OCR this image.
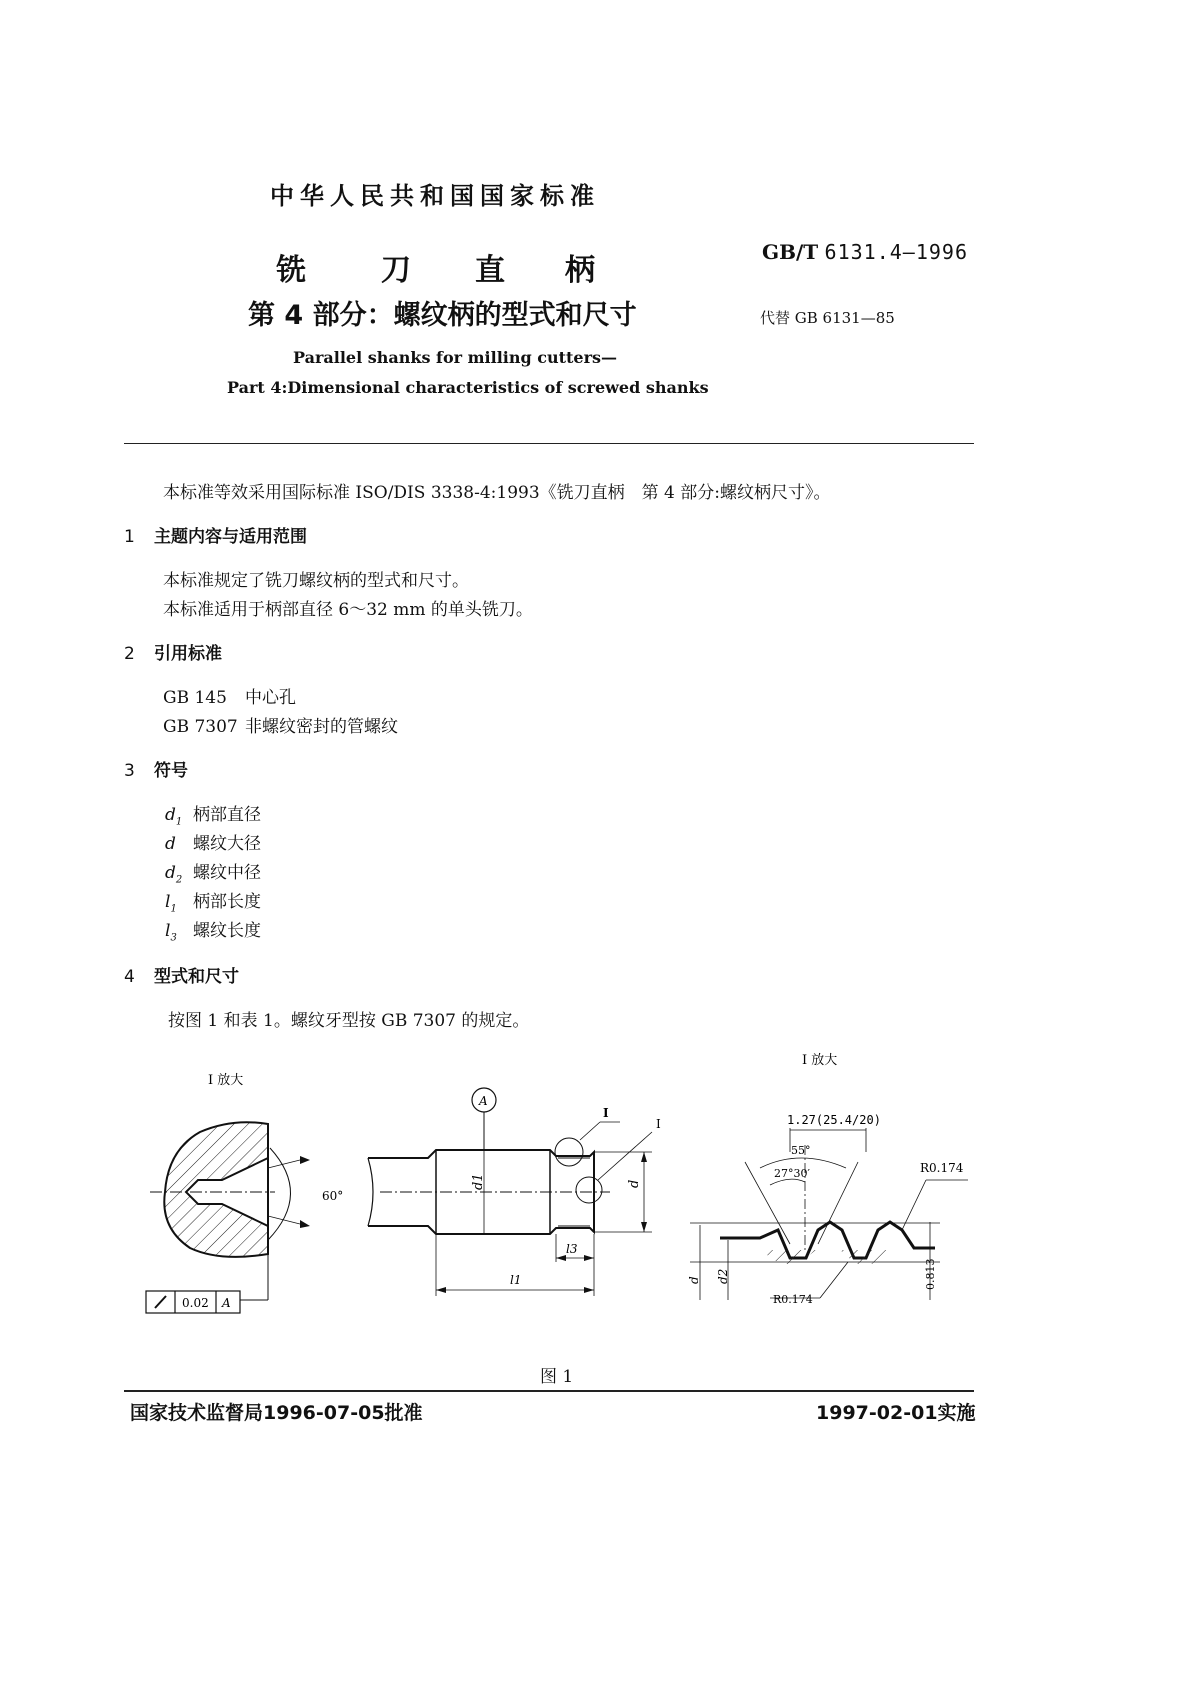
中华人民共和国国家标准
铣	刀 直 柄
第 4 部分：螺纹柄的型式和尺寸
GB/T 6131.4—1996
代替 GB 6131—85
Parallel shanks for milling cutters—
Part 4:Dimensional characteristics of screwed shanks
本标准等效采用国际标准 ISO/DIS 3338-4:1993《铣刀直柄　第 4 部分:螺纹柄尺寸》。
1 主题内容与适用范围
本标准规定了铣刀螺纹柄的型式和尺寸。
本标准适用于柄部直径 6～32 mm 的单头铣刀。
2 引用标准
GB 145 中心孔
GB 7307 非螺纹密封的管螺纹
3 符号
$d_1$ 柄部直径
d 螺纹大径
$d_2$ 螺纹中径
$l_1$ 柄部长度
$l_3$ 螺纹长度
4 型式和尺寸
按图 1 和表 1。螺纹牙型按 GB 7307 的规定。
I 放大
60°
0.02 A
A
I
I
d1	d
l3
l1
I 放大
1.27(25.4/20)
55°
27°30′	R0.174
R0.174
d d2	0.813
图 1
国家技术监督局1996-07-05批准	1997-02-01实施
